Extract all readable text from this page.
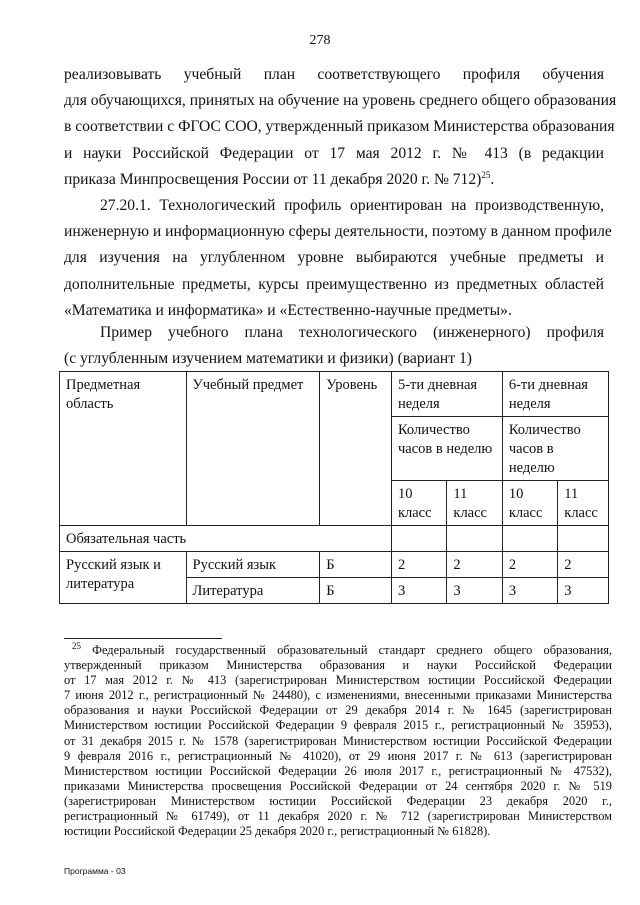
278
реализовывать учебный план соответствующего профиля обучения
для обучающихся, принятых на обучение на уровень среднего общего образования
в соответствии с ФГОС СОО, утвержденный приказом Министерства образования
и науки Российской Федерации от 17 мая 2012 г. № 413 (в редакции
приказа Минпросвещения России от 11 декабря 2020 г. № 712)$^{25}$.
27.20.1. Технологический профиль ориентирован на производственную,
инженерную и информационную сферы деятельности, поэтому в данном профиле
для изучения на углубленном уровне выбираются учебные предметы и
дополнительные предметы, курсы преимущественно из предметных областей
«Математика и информатика» и «Естественно-научные предметы».
Пример учебного плана технологического (инженерного) профиля
(с углубленным изучением математики и физики) (вариант 1)
Предметная область	Учебный предмет	Уровень	5-ти дневная неделя		6-ти дневная неделя	
			Количество часов в неделю		Количество часов в неделю	
			10 класс	11 класс	10 класс	11 класс
Обязательная часть						
Русский язык и литература	Русский язык	Б	2	2	2	2
	Литература	Б	3	3	3	3
$^{25}$ Федеральный государственный образовательный стандарт среднего общего образования,
утвержденный приказом Министерства образования и науки Российской Федерации
от 17 мая 2012 г. № 413 (зарегистрирован Министерством юстиции Российской Федерации
7 июня 2012 г., регистрационный № 24480), с изменениями, внесенными приказами Министерства
образования и науки Российской Федерации от 29 декабря 2014 г. № 1645 (зарегистрирован
Министерством юстиции Российской Федерации 9 февраля 2015 г., регистрационный № 35953),
от 31 декабря 2015 г. № 1578 (зарегистрирован Министерством юстиции Российской Федерации
9 февраля 2016 г., регистрационный № 41020), от 29 июня 2017 г. № 613 (зарегистрирован
Министерством юстиции Российской Федерации 26 июля 2017 г., регистрационный № 47532),
приказами Министерства просвещения Российской Федерации от 24 сентября 2020 г. № 519
(зарегистрирован Министерством юстиции Российской Федерации 23 декабря 2020 г.,
регистрационный № 61749), от 11 декабря 2020 г. № 712 (зарегистрирован Министерством
юстиции Российской Федерации 25 декабря 2020 г., регистрационный № 61828).
Программа - 03
